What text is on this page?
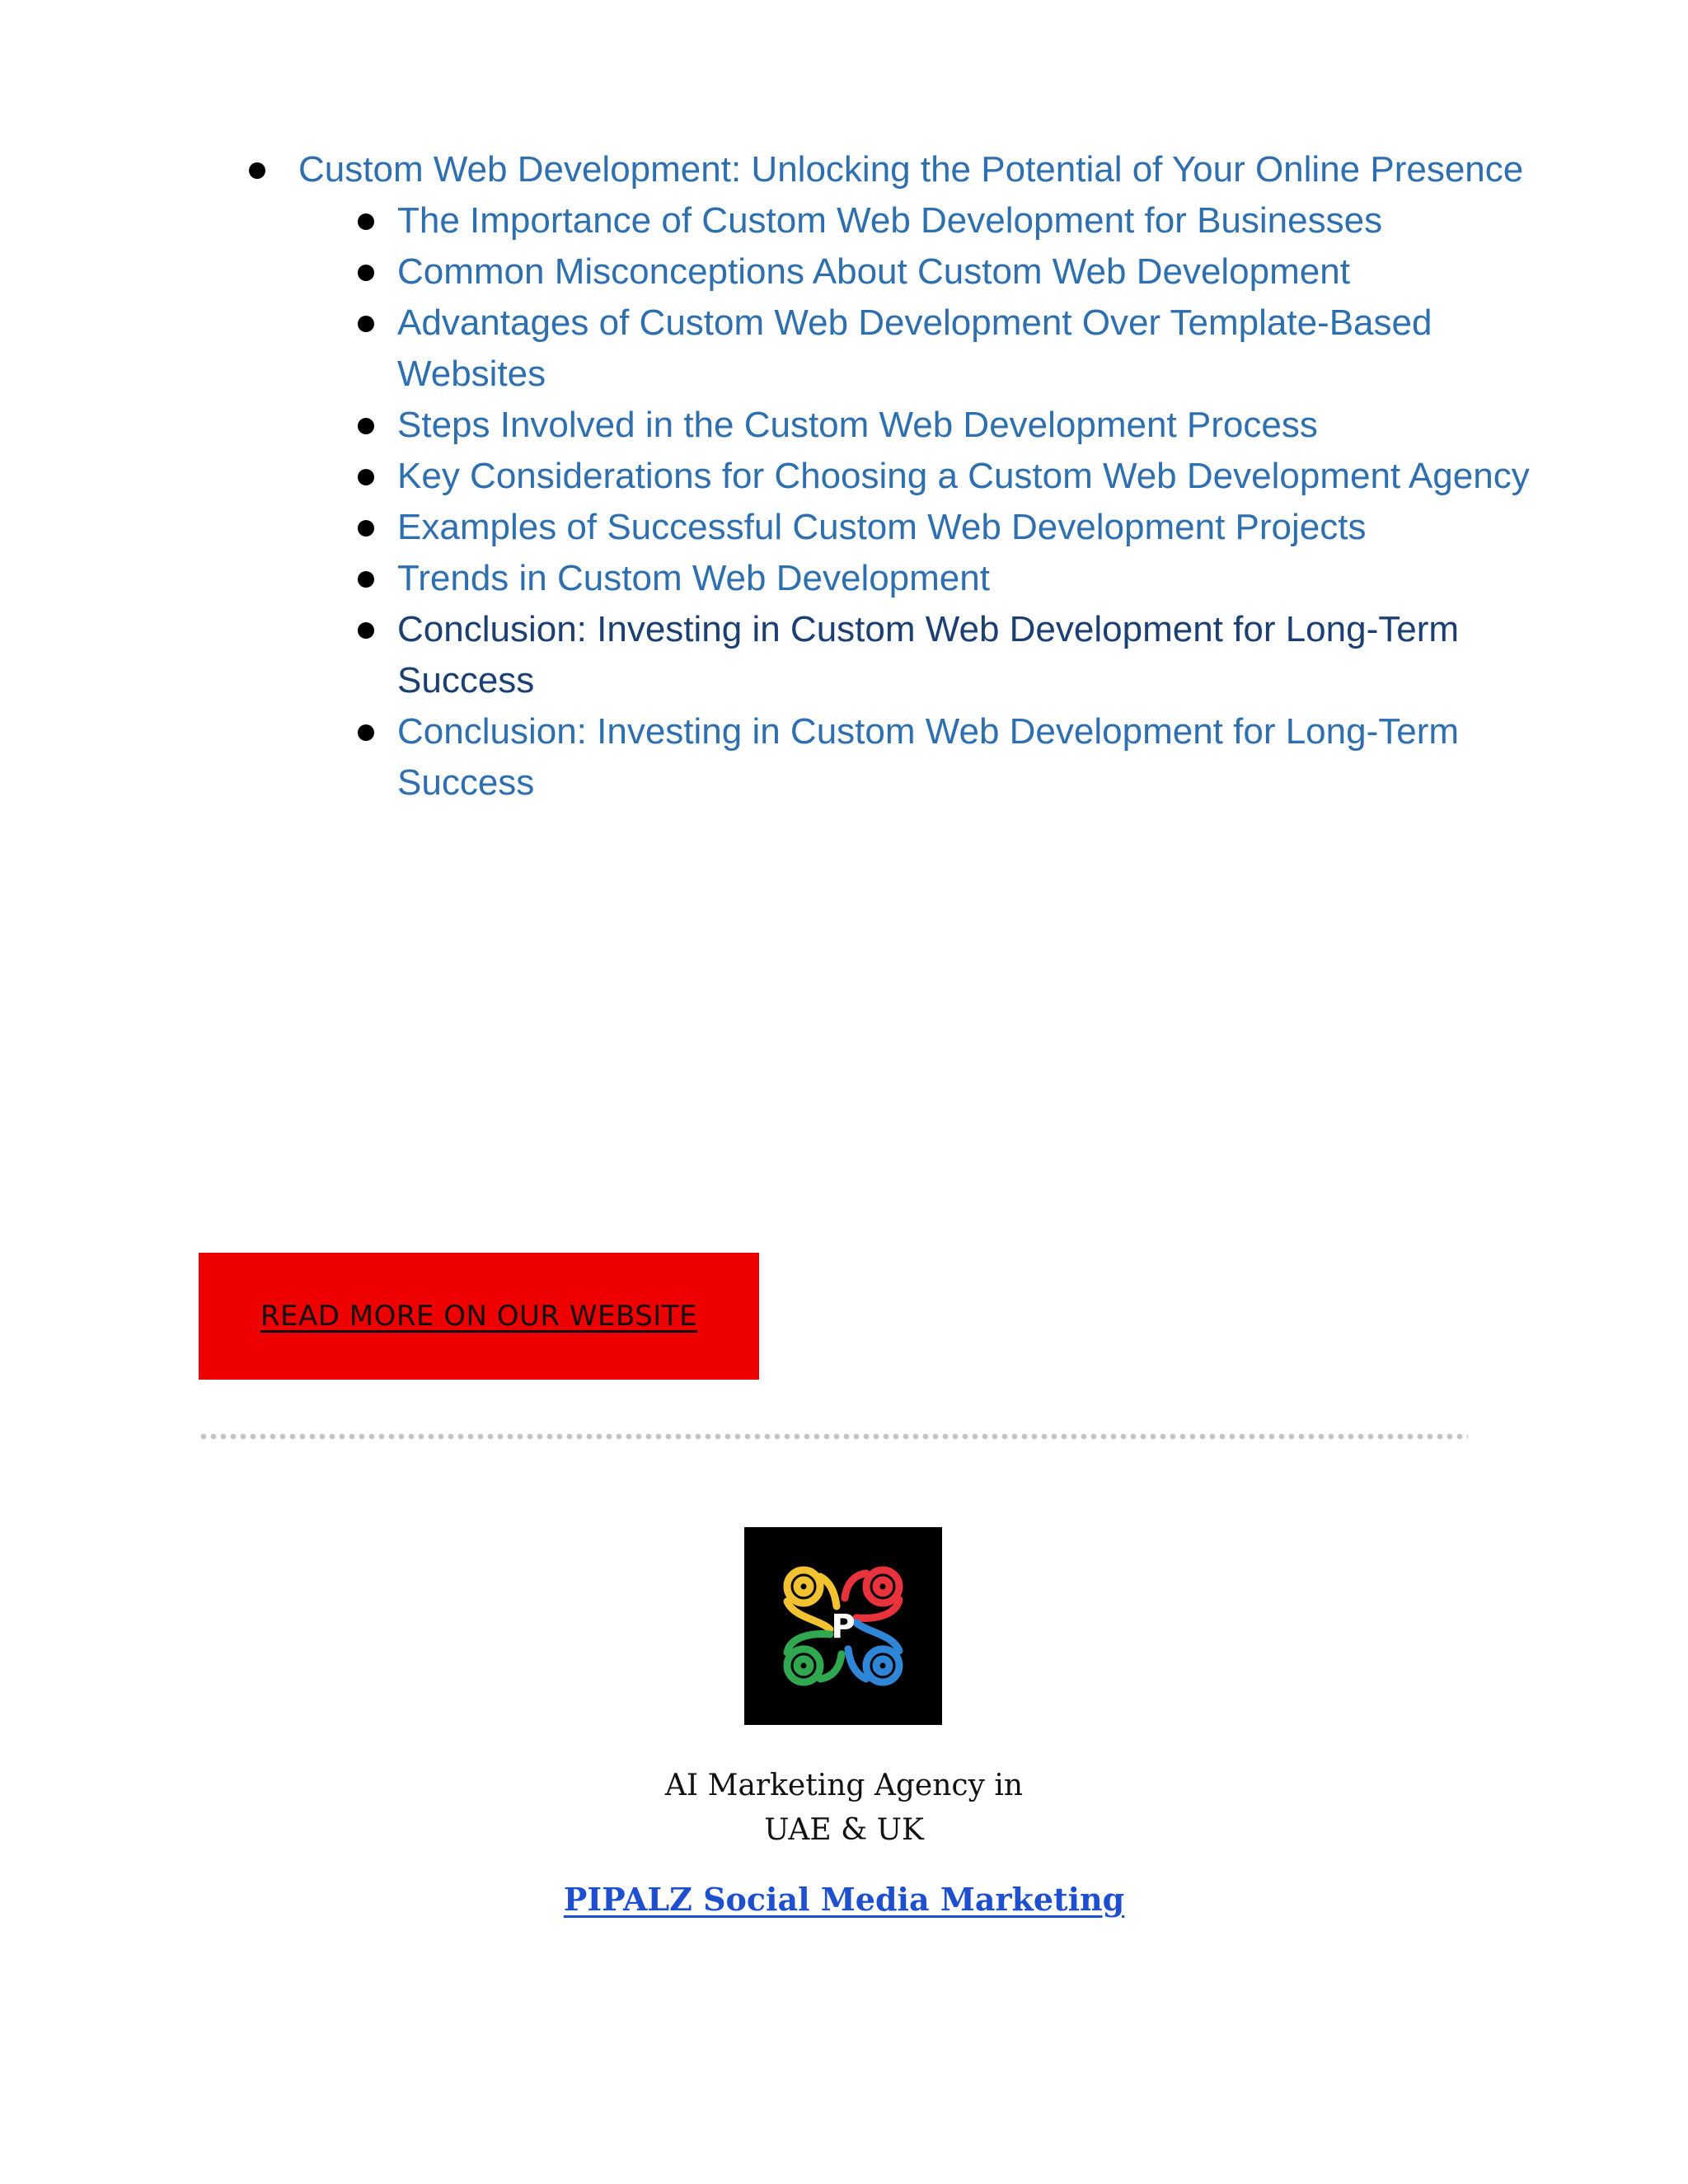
Custom Web Development: Unlocking the Potential of Your Online Presence
The Importance of Custom Web Development for Businesses
Common Misconceptions About Custom Web Development
Advantages of Custom Web Development Over Template-Based Websites
Steps Involved in the Custom Web Development Process
Key Considerations for Choosing a Custom Web Development Agency
Examples of Successful Custom Web Development Projects
Trends in Custom Web Development
Conclusion: Investing in Custom Web Development for Long-Term Success
Conclusion: Investing in Custom Web Development for Long-Term Success
READ MORE ON OUR WEBSITE
P
AI Marketing Agency in
UAE & UK
PIPALZ Social Media Marketing
